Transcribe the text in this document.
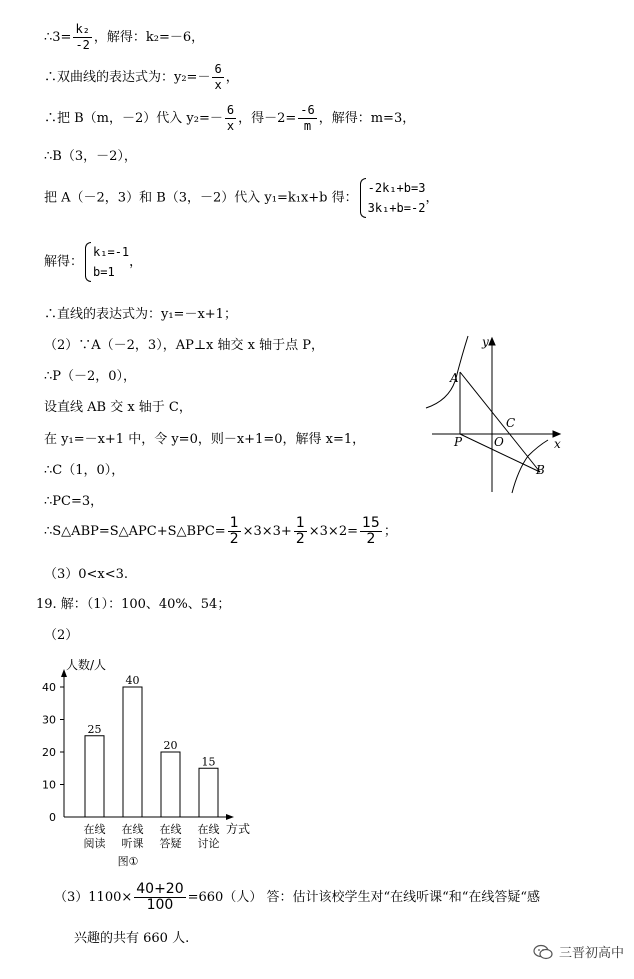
∴3= $\frac{\text{k₂}}{-2}$ ，解得：k₂=－6，
∴双曲线的表达式为：$y_2=- \frac{6}{x}$ ，
∴把 B（m，－2）代入 $y_2=- \frac{6}{x}$ ，得$-2= \frac{-6}{m}$ ，解得：m=3，
∴B（3，－2），
把 A（－2，3）和 B（3，－2）代入 y₁=k₁x+b 得：
-2k₁+b=3
3k₁+b=-2
，
解得：
k₁=-1
b=1
，
∴直线的表达式为：y₁=－x+1；
（2）∵A（－2，3），AP⊥x 轴交 x 轴于点 P，
∴P（－2，0），
设直线 AB 交 x 轴于 C，
在 y₁=－x+1 中，令 y=0，则－x+1=0，解得 x=1，
∴C（1，0），
∴PC=3，
∴S△ABP=S△APC+S△BPC= $\frac{1}{2} \times 3\times 3+ \frac{1}{2} \times 3\times 2= \frac{15}{2}$ ；
（3）0<x<3.
19. 解：（1）：100、40%、54；
（2）
y
x
A
C
P	O
B
人数/人
方式
0
10
20
30
40
25
在线
阅读
40
在线
听课
20
在线
答疑
15
在线
讨论
图①
$(3)1100\times \frac{40+20}{100} =660$（人） 答：估计该校学生对“在线听课“和“在线答疑“感
兴趣的共有 660 人.
三晋初高中
